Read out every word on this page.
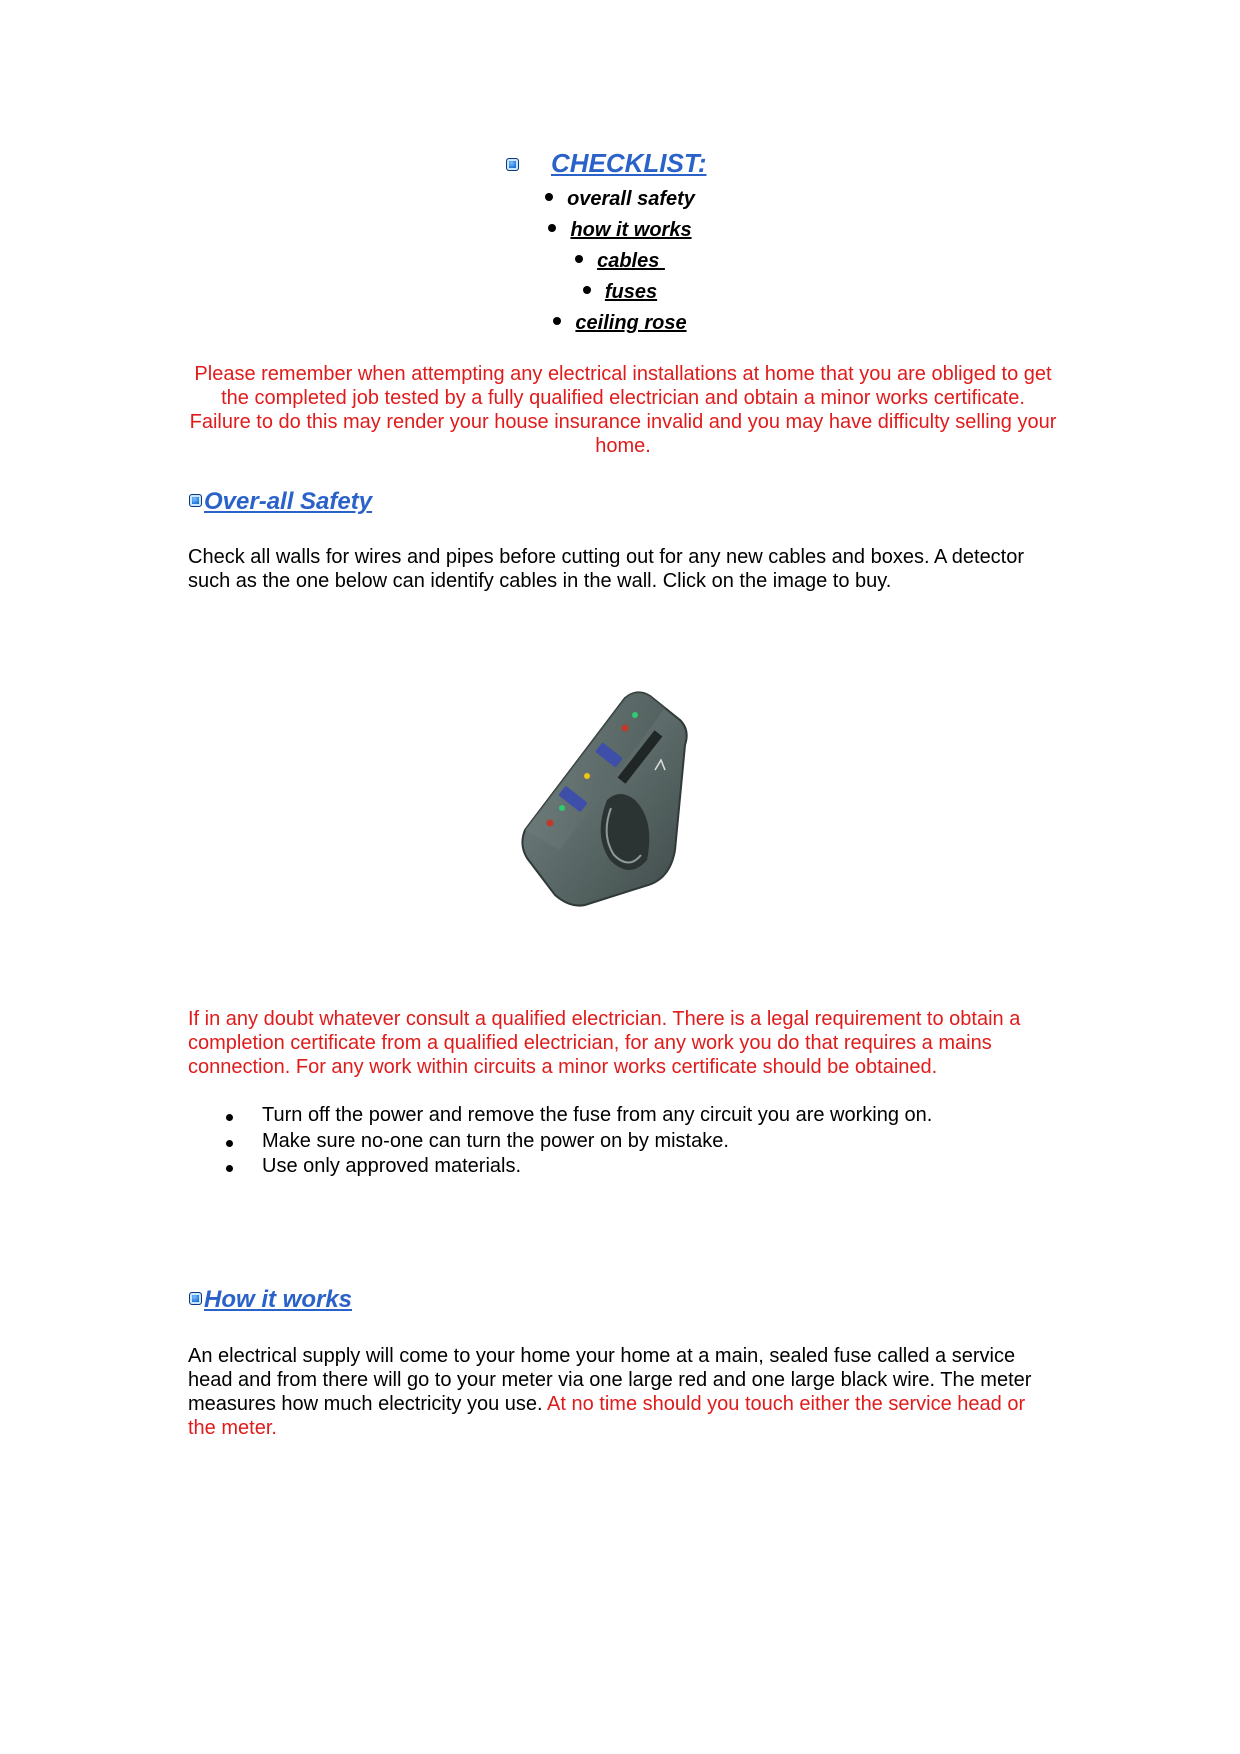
CHECKLIST:
overall safety
how it works
cables
fuses
ceiling rose
Please remember when attempting any electrical installations at home that you are obliged to get the completed job tested by a fully qualified electrician and obtain a minor works certificate. Failure to do this may render your house insurance invalid and you may have difficulty selling your home.
Over-all Safety
Check all walls for wires and pipes before cutting out for any new cables and boxes. A detector such as the one below can identify cables in the wall. Click on the image to buy.
If in any doubt whatever consult a qualified electrician. There is a legal requirement to obtain a completion certificate from a qualified electrician, for any work you do that requires a mains connection. For any work within circuits a minor works certificate should be obtained.
Turn off the power and remove the fuse from any circuit you are working on.
Make sure no-one can turn the power on by mistake.
Use only approved materials.
How it works
An electrical supply will come to your home your home at a main, sealed fuse called a service head and from there will go to your meter via one large red and one large black wire. The meter measures how much electricity you use. At no time should you touch either the service head or the meter.
